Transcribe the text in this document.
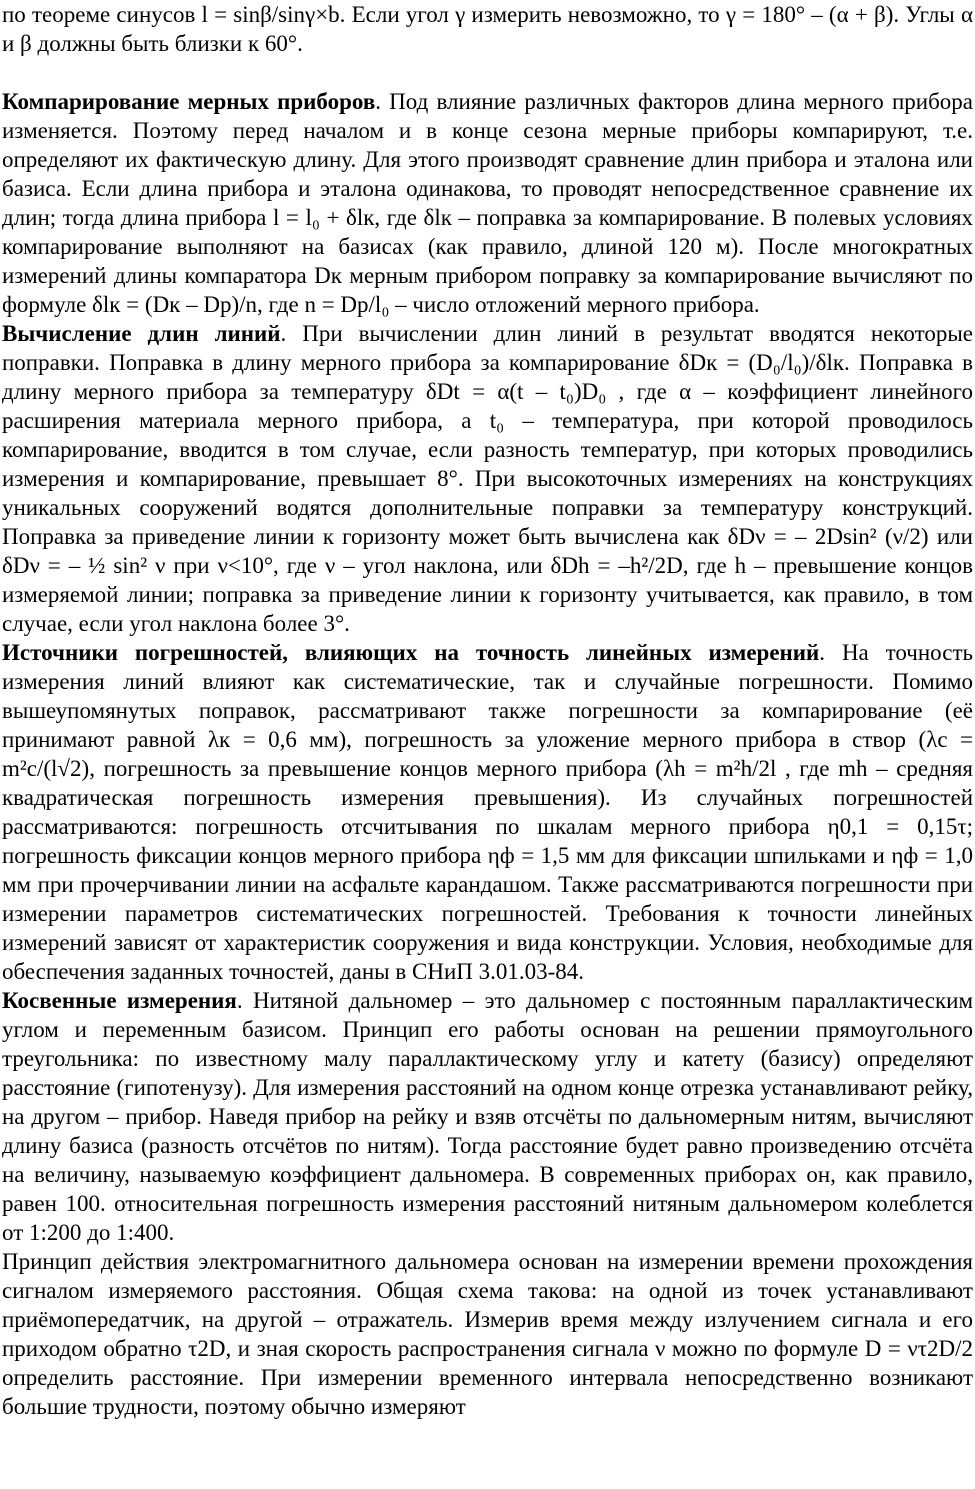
по теореме синусов l = sinβ/sinγ×b. Если угол γ измерить невозможно, то γ = 180° – (α + β). Углы α и β должны быть близки к 60°.

Компарирование мерных приборов. Под влияние различных факторов длина мерного прибора изменяется. Поэтому перед началом и в конце сезона мерные приборы компарируют, т.е. определяют их фактическую длину. Для этого производят сравнение длин прибора и эталона или базиса. Если длина прибора и эталона одинакова, то проводят непосредственное сравнение их длин; тогда длина прибора l = l₀ + δlк, где δlк – поправка за компарирование. В полевых условиях компарирование выполняют на базисах (как правило, длиной 120 м). После многократных измерений длины компаратора Dк мерным прибором поправку за компарирование вычисляют по формуле δlк = (Dк – Dр)/n, где n = Dр/l₀ – число отложений мерного прибора.

Вычисление длин линий. При вычислении длин линий в результат вводятся некоторые поправки. Поправка в длину мерного прибора за компарирование δDк = (D₀/l₀)/δlк. Поправка в длину мерного прибора за температуру δDt = α(t – t₀)D₀ , где α – коэффициент линейного расширения материала мерного прибора, а t₀ – температура, при которой проводилось компарирование, вводится в том случае, если разность температур, при которых проводились измерения и компарирование, превышает 8°. При высокоточных измерениях на конструкциях уникальных сооружений водятся дополнительные поправки за температуру конструкций. Поправка за приведение линии к горизонту может быть вычислена как δDν = – 2Dsin² (ν/2) или δDν = – ½ sin² ν при ν<10°, где ν – угол наклона, или δDh = –h²/2D, где h – превышение концов измеряемой линии; поправка за приведение линии к горизонту учитывается, как правило, в том случае, если угол наклона более 3°.

Источники погрешностей, влияющих на точность линейных измерений. На точность измерения линий влияют как систематические, так и случайные погрешности. Помимо вышеупомянутых поправок, рассматривают также погрешности за компарирование (её принимают равной λк = 0,6 мм), погрешность за уложение мерного прибора в створ (λc = m²c/(l√2), погрешность за превышение концов мерного прибора (λh = m²h/2l , где mh – средняя квадратическая погрешность измерения превышения). Из случайных погрешностей рассматриваются: погрешность отсчитывания по шкалам мерного прибора η0,1 = 0,15τ; погрешность фиксации концов мерного прибора ηф = 1,5 мм для фиксации шпильками и ηф = 1,0 мм при прочерчивании линии на асфальте карандашом. Также рассматриваются погрешности при измерении параметров систематических погрешностей. Требования к точности линейных измерений зависят от характеристик сооружения и вида конструкции. Условия, необходимые для обеспечения заданных точностей, даны в СНиП 3.01.03-84.

Косвенные измерения. Нитяной дальномер – это дальномер с постоянным параллактическим углом и переменным базисом. Принцип его работы основан на решении прямоугольного треугольника: по известному малу параллактическому углу и катету (базису) определяют расстояние (гипотенузу). Для измерения расстояний на одном конце отрезка устанавливают рейку, на другом – прибор. Наведя прибор на рейку и взяв отсчёты по дальномерным нитям, вычисляют длину базиса (разность отсчётов по нитям). Тогда расстояние будет равно произведению отсчёта на величину, называемую коэффициент дальномера. В современных приборах он, как правило, равен 100. относительная погрешность измерения расстояний нитяным дальномером колеблется от 1:200 до 1:400.

Принцип действия электромагнитного дальномера основан на измерении времени прохождения сигналом измеряемого расстояния. Общая схема такова: на одной из точек устанавливают приёмопередатчик, на другой – отражатель. Измерив время между излучением сигнала и его приходом обратно τ2D, и зная скорость распространения сигнала ν можно по формуле D = ντ2D/2 определить расстояние. При измерении временного интервала непосредственно возникают большие трудности, поэтому обычно измеряют
